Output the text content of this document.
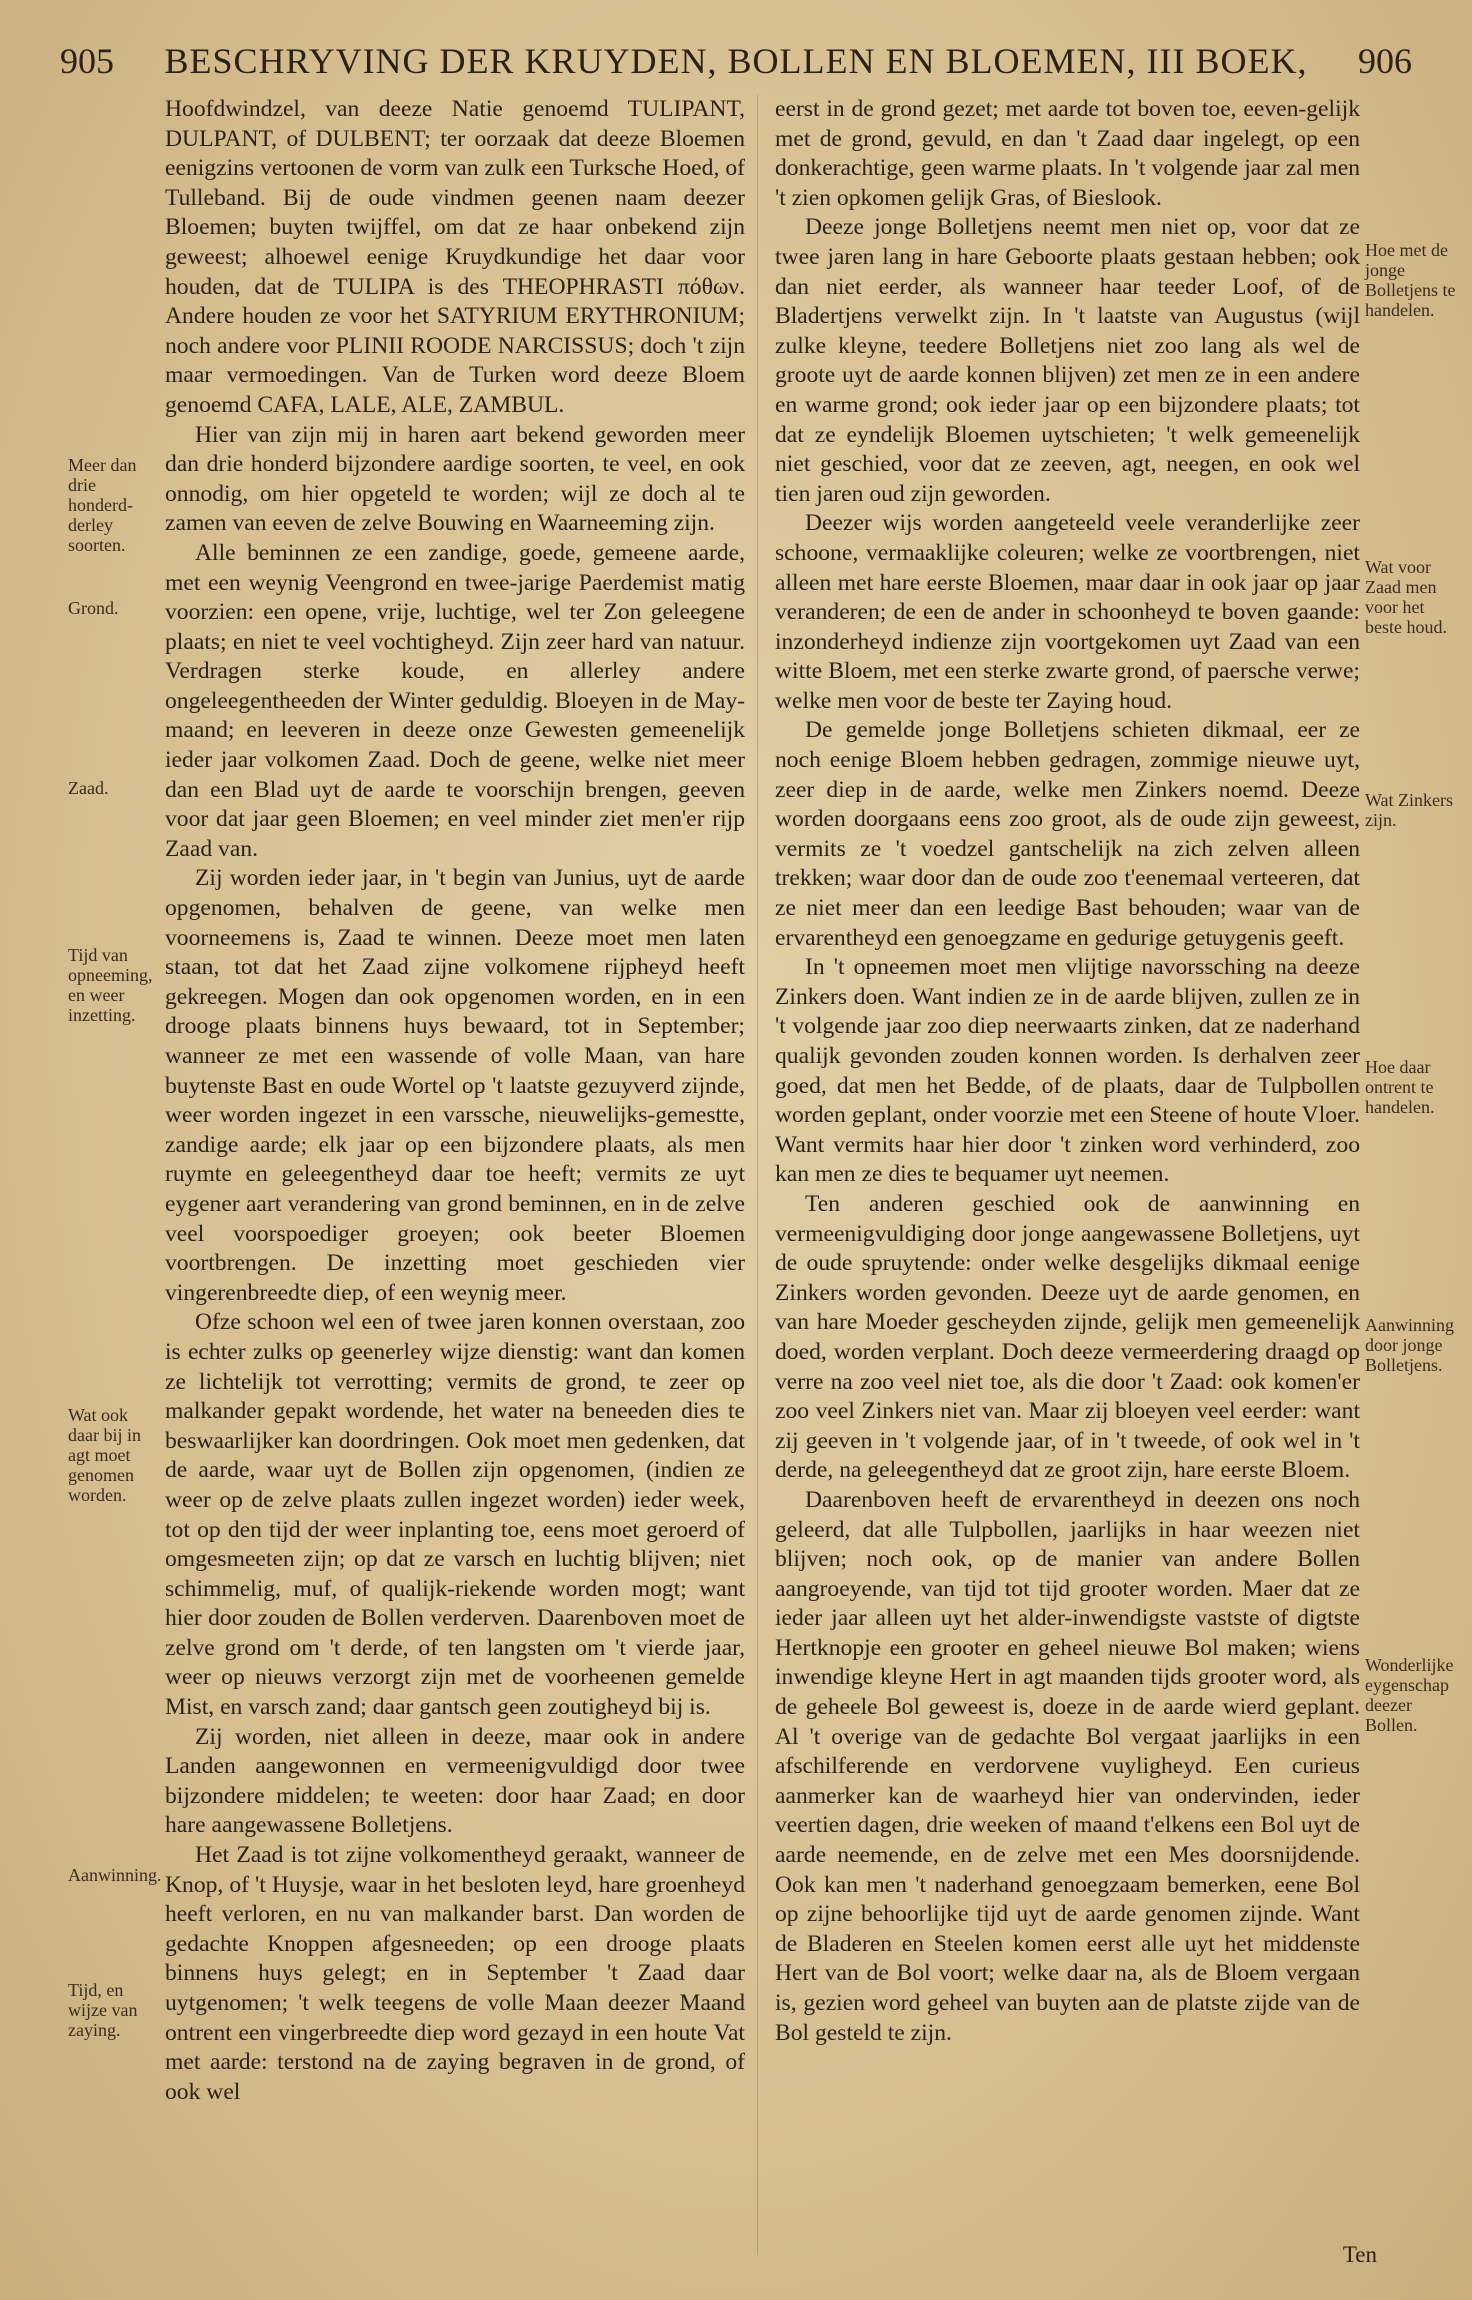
905 BESCHRYVING DER KRUYDEN, BOLLEN EN BLOEMEN, III BOEK, 906

Hoofdwindzel, van deeze Natie genoemd TULIPANT, DULPANT, of DULBENT; ter oorzaak dat deeze Bloemen eenigzins vertoonen de vorm van zulk een Turksche Hoed, of Tulleband. Bij de oude vindmen geenen naam deezer Bloemen; buyten twijffel, om dat ze haar onbekend zijn geweest; alhoewel eenige Kruydkundige het daar voor houden, dat de TULIPA is des THEOPHRASTI πόθων. Andere houden ze voor het SATYRIUM ERYTHRONIUM; noch andere voor PLINII ROODE NARCISSUS; doch 't zijn maar vermoedingen. Van de Turken word deeze Bloem genoemd CAFA, LALE, ALE, ZAMBUL.

Hier van zijn mij in haren aart bekend geworden meer dan drie honderd bijzondere aardige soorten, te veel, en ook onnodig, om hier opgeteld te worden; wijl ze doch al te zamen van eeven de zelve Bouwing en Waarneeming zijn.

Alle beminnen ze een zandige, goede, gemeene aarde, met een weynig Veengrond en twee-jarige Paerdemist matig voorzien: een opene, vrije, luchtige, wel ter Zon geleegene plaats; en niet te veel vochtigheyd. Zijn zeer hard van natuur. Verdragen sterke koude, en allerley andere ongeleegentheeden der Winter geduldig. Bloeyen in de May-maand; en leeveren in deeze onze Gewesten gemeenelijk ieder jaar volkomen Zaad. Doch de geene, welke niet meer dan een Blad uyt de aarde te voorschijn brengen, geeven voor dat jaar geen Bloemen; en veel minder ziet men'er rijp Zaad van.

Zij worden ieder jaar, in 't begin van Junius, uyt de aarde opgenomen, behalven de geene, van welke men voorneemens is, Zaad te winnen. Deeze moet men laten staan, tot dat het Zaad zijne volkomene rijpheyd heeft gekreegen. Mogen dan ook opgenomen worden, en in een drooge plaats binnens huys bewaard, tot in September; wanneer ze met een wassende of volle Maan, van hare buytenste Bast en oude Wortel op 't laatste gezuyverd zijnde, weer worden ingezet in een varssche, nieuwelijks-gemestte, zandige aarde; elk jaar op een bijzondere plaats, als men ruymte en geleegentheyd daar toe heeft; vermits ze uyt eygener aart verandering van grond beminnen, en in de zelve veel voorspoediger groeyen; ook beeter Bloemen voortbrengen. De inzetting moet geschieden vier vingerenbreedte diep, of een weynig meer.

Ofze schoon wel een of twee jaren konnen overstaan, zoo is echter zulks op geenerley wijze dienstig: want dan komen ze lichtelijk tot verrotting; vermits de grond, te zeer op malkander gepakt wordende, het water na beneeden dies te beswaarlijker kan doordringen. Ook moet men gedenken, dat de aarde, waar uyt de Bollen zijn opgenomen, (indien ze weer op de zelve plaats zullen ingezet worden) ieder week, tot op den tijd der weer inplanting toe, eens moet geroerd of omgesmeeten zijn; op dat ze varsch en luchtig blijven; niet schimmelig, muf, of qualijk-riekende worden mogt; want hier door zouden de Bollen verderven. Daarenboven moet de zelve grond om 't derde, of ten langsten om 't vierde jaar, weer op nieuws verzorgt zijn met de voorheenen gemelde Mist, en varsch zand; daar gantsch geen zoutigheyd bij is.

Zij worden, niet alleen in deeze, maar ook in andere Landen aangewonnen en vermeenigvuldigd door twee bijzondere middelen; te weeten: door haar Zaad; en door hare aangewassene Bolletjens.

Het Zaad is tot zijne volkomentheyd geraakt, wanneer de Knop, of 't Huysje, waar in het besloten leyd, hare groenheyd heeft verloren, en nu van malkander barst. Dan worden de gedachte Knoppen afgesneeden; op een drooge plaats binnens huys gelegt; en in September 't Zaad daar uytgenomen; 't welk teegens de volle Maan deezer Maand ontrent een vingerbreedte diep word gezayd in een houte Vat met aarde: terstond na de zaying begraven in de grond, of ook wel

eerst in de grond gezet; met aarde tot boven toe, eeven-gelijk met de grond, gevuld, en dan 't Zaad daar ingelegt, op een donkerachtige, geen warme plaats. In 't volgende jaar zal men 't zien opkomen gelijk Gras, of Bieslook.

Deeze jonge Bolletjens neemt men niet op, voor dat ze twee jaren lang in hare Geboorte plaats gestaan hebben; ook dan niet eerder, als wanneer haar teeder Loof, of de Bladertjens verwelkt zijn. In 't laatste van Augustus (wijl zulke kleyne, teedere Bolletjens niet zoo lang als wel de groote uyt de aarde konnen blijven) zet men ze in een andere en warme grond; ook ieder jaar op een bijzondere plaats; tot dat ze eyndelijk Bloemen uytschieten; 't welk gemeenelijk niet geschied, voor dat ze zeeven, agt, neegen, en ook wel tien jaren oud zijn geworden.

Deezer wijs worden aangeteeld veele veranderlijke zeer schoone, vermaaklijke coleuren; welke ze voortbrengen, niet alleen met hare eerste Bloemen, maar daar in ook jaar op jaar veranderen; de een de ander in schoonheyd te boven gaande: inzonderheyd indienze zijn voortgekomen uyt Zaad van een witte Bloem, met een sterke zwarte grond, of paersche verwe; welke men voor de beste ter Zaying houd.

De gemelde jonge Bolletjens schieten dikmaal, eer ze noch eenige Bloem hebben gedragen, zommige nieuwe uyt, zeer diep in de aarde, welke men Zinkers noemd. Deeze worden doorgaans eens zoo groot, als de oude zijn geweest, vermits ze 't voedzel gantschelijk na zich zelven alleen trekken; waar door dan de oude zoo t'eenemaal verteeren, dat ze niet meer dan een leedige Bast behouden; waar van de ervarentheyd een genoegzame en gedurige getuygenis geeft.

In 't opneemen moet men vlijtige navorssching na deeze Zinkers doen. Want indien ze in de aarde blijven, zullen ze in 't volgende jaar zoo diep neerwaarts zinken, dat ze naderhand qualijk gevonden zouden konnen worden. Is derhalven zeer goed, dat men het Bedde, of de plaats, daar de Tulpbollen worden geplant, onder voorzie met een Steene of houte Vloer. Want vermits haar hier door 't zinken word verhinderd, zoo kan men ze dies te bequamer uyt neemen.

Ten anderen geschied ook de aanwinning en vermeenigvuldiging door jonge aangewassene Bolletjens, uyt de oude spruytende: onder welke desgelijks dikmaal eenige Zinkers worden gevonden. Deeze uyt de aarde genomen, en van hare Moeder gescheyden zijnde, gelijk men gemeenelijk doed, worden verplant. Doch deeze vermeerdering draagd op verre na zoo veel niet toe, als die door 't Zaad: ook komen'er zoo veel Zinkers niet van. Maar zij bloeyen veel eerder: want zij geeven in 't volgende jaar, of in 't tweede, of ook wel in 't derde, na geleegentheyd dat ze groot zijn, hare eerste Bloem.

Daarenboven heeft de ervarentheyd in deezen ons noch geleerd, dat alle Tulpbollen, jaarlijks in haar weezen niet blijven; noch ook, op de manier van andere Bollen aangroeyende, van tijd tot tijd grooter worden. Maer dat ze ieder jaar alleen uyt het alder-inwendigste vastste of digtste Hertknopje een grooter en geheel nieuwe Bol maken; wiens inwendige kleyne Hert in agt maanden tijds grooter word, als de geheele Bol geweest is, doeze in de aarde wierd geplant. Al 't overige van de gedachte Bol vergaat jaarlijks in een afschilferende en verdorvene vuyligheyd. Een curieus aanmerker kan de waarheyd hier van ondervinden, ieder veertien dagen, drie weeken of maand t'elkens een Bol uyt de aarde neemende, en de zelve met een Mes doorsnijdende. Ook kan men 't naderhand genoegzaam bemerken, eene Bol op zijne behoorlijke tijd uyt de aarde genomen zijnde. Want de Bladeren en Steelen komen eerst alle uyt het middenste Hert van de Bol voort; welke daar na, als de Bloem vergaan is, gezien word geheel van buyten aan de platste zijde van de Bol gesteld te zijn.

Meer dan drie honderd-derley soorten.
Grond.
Zaad.
Tijd van opneeming, en weer inzetting.
Wat ook daar bij in agt moet genomen worden.
Aanwinning.
Tijd, en wijze van zaying.
Hoe met de jonge Bolletjens te handelen.
Wat voor Zaad men voor het beste houd.
Wat Zinkers zijn.
Hoe daar ontrent te handelen.
Aanwinning door jonge Bolletjens.
Wonderlijke eygenschap deezer Bollen.
Ten
